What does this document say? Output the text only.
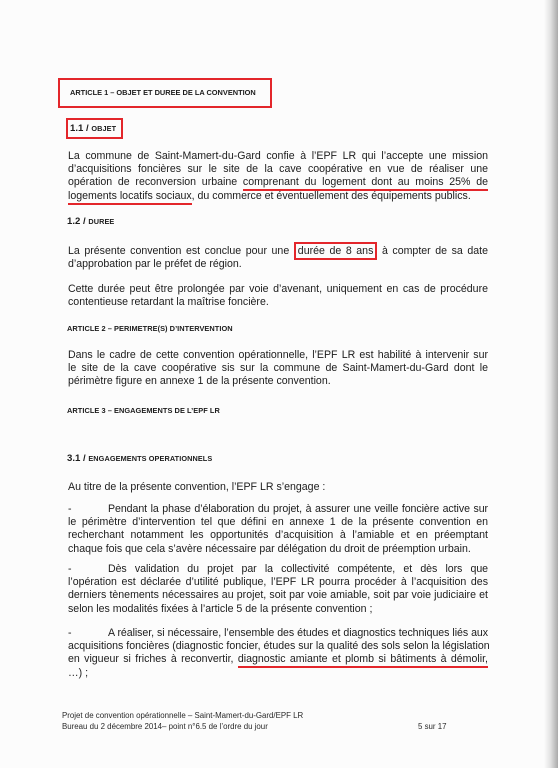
ARTICLE 1 – OBJET ET DUREE DE LA CONVENTION
1.1 / OBJET
La commune de Saint-Mamert-du-Gard confie à l’EPF LR qui l’accepte une mission
d’acquisitions foncières sur le site de la cave coopérative en vue de réaliser une
opération de reconversion urbaine comprenant du logement dont au moins 25% de
logements locatifs sociaux, du commerce et éventuellement des équipements publics.
1.2 / DUREE
La présente convention est conclue pour une durée de 8 ans à compter de sa date
d’approbation par le préfet de région.
Cette durée peut être prolongée par voie d’avenant, uniquement en cas de procédure
contentieuse retardant la maîtrise foncière.
ARTICLE 2 – PERIMETRE(S) D’INTERVENTION
Dans le cadre de cette convention opérationnelle, l’EPF LR est habilité à intervenir sur
le site de la cave coopérative sis sur la commune de Saint-Mamert-du-Gard dont le
périmètre figure en annexe 1 de la présente convention.
ARTICLE 3 – ENGAGEMENTS DE L’EPF LR
3.1 / ENGAGEMENTS OPERATIONNELS
Au titre de la présente convention, l’EPF LR s’engage :
-	Pendant la phase d’élaboration du projet, à assurer une veille foncière active sur
le périmètre d’intervention tel que défini en annexe 1 de la présente convention en
recherchant notamment les opportunités d’acquisition à l’amiable et en préemptant
chaque fois que cela s’avère nécessaire par délégation du droit de préemption urbain.
-	Dès validation du projet par la collectivité compétente, et dès lors que
l’opération est déclarée d’utilité publique, l’EPF LR pourra procéder à l’acquisition des
derniers tènements nécessaires au projet, soit par voie amiable, soit par voie judiciaire et
selon les modalités fixées à l’article 5 de la présente convention ;
-	A réaliser, si nécessaire, l’ensemble des études et diagnostics techniques liés aux
acquisitions foncières (diagnostic foncier, études sur la qualité des sols selon la législation
en vigueur si friches à reconvertir, diagnostic amiante et plomb si bâtiments à démolir,
…) ;
Projet de convention opérationnelle – Saint-Mamert-du-Gard/EPF LR
Bureau du 2 décembre 2014– point n°6.5 de l’ordre du jour	5 sur 17
